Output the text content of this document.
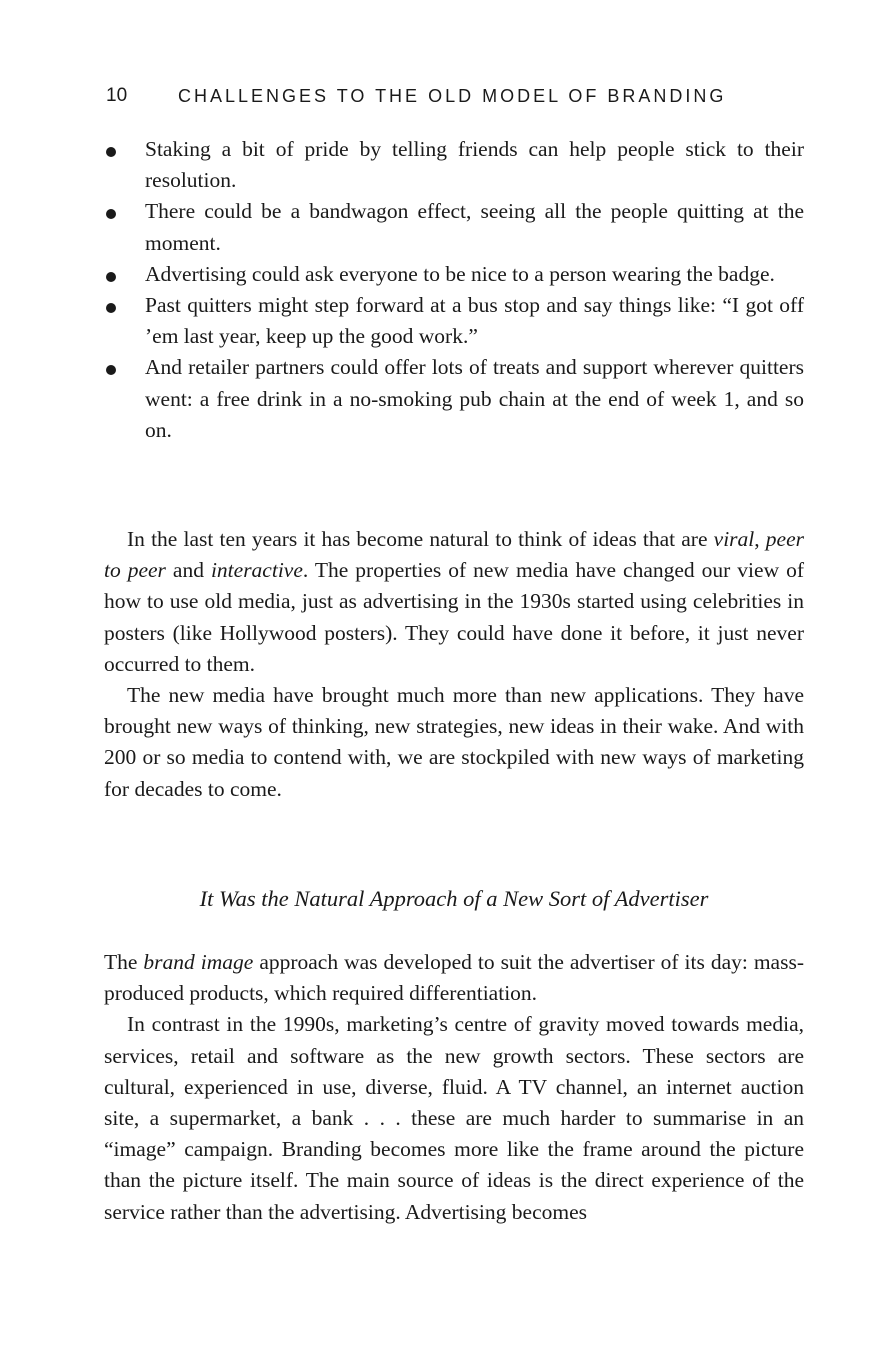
10	CHALLENGES TO THE OLD MODEL OF BRANDING
Staking a bit of pride by telling friends can help people stick to their resolution.
There could be a bandwagon effect, seeing all the people quitting at the moment.
Advertising could ask everyone to be nice to a person wearing the badge.
Past quitters might step forward at a bus stop and say things like: “I got off ’em last year, keep up the good work.”
And retailer partners could offer lots of treats and support wherever quitters went: a free drink in a no-smoking pub chain at the end of week 1, and so on.

In the last ten years it has become natural to think of ideas that are viral, peer to peer and interactive. The properties of new media have changed our view of how to use old media, just as advertising in the 1930s started using celebrities in posters (like Hollywood posters). They could have done it before, it just never occurred to them.

The new media have brought much more than new applications. They have brought new ways of thinking, new strategies, new ideas in their wake. And with 200 or so media to contend with, we are stockpiled with new ways of marketing for decades to come.

It Was the Natural Approach of a New Sort of Advertiser

The brand image approach was developed to suit the advertiser of its day: mass-produced products, which required differentiation.

In contrast in the 1990s, marketing’s centre of gravity moved towards media, services, retail and software as the new growth sectors. These sectors are cultural, experienced in use, diverse, fluid. A TV channel, an internet auction site, a supermarket, a bank . . . these are much harder to summarise in an “image” campaign. Branding becomes more like the frame around the picture than the picture itself. The main source of ideas is the direct experience of the service rather than the advertising. Advertising becomes
